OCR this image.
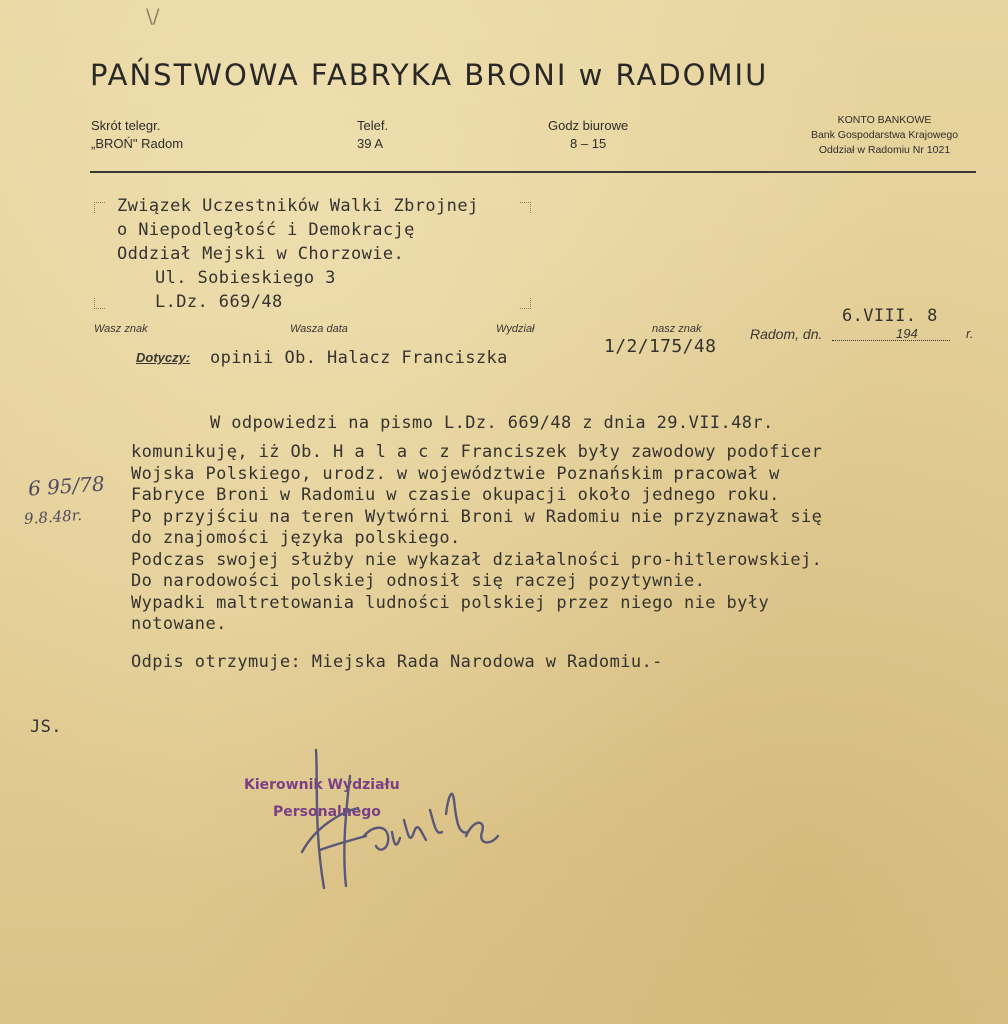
\/
PAŃSTWOWA FABRYKA BRONI w RADOMIU
Skrót telegr.
„BROŃ" Radom
Telef.
39 A
Godz biurowe
8 – 15
KONTO BANKOWE
Bank Gospodarstwa Krajowego
Oddział w Radomiu Nr 1021
Związek Uczestników Walki Zbrojnej
o Niepodległość i Demokrację
Oddział Mejski w Chorzowie.
Ul. Sobieskiego 3
L.Dz. 669/48
Wasz znak	Wasza data	Wydział	nasz znak	Radom, dn.
6.VIII. 8
194	r.
Dotyczy: opinii Ob. Halacz Franciszka
1/2/175/48
W odpowiedzi na pismo L.Dz. 669/48 z dnia 29.VII.48r.
komunikuję, iż Ob. H a l a c z Franciszek były zawodowy podoficer
Wojska Polskiego, urodz. w województwie Poznańskim pracował w
Fabryce Broni w Radomiu w czasie okupacji około jednego roku.
Po przyjściu na teren Wytwórni Broni w Radomiu nie przyznawał się
do znajomości języka polskiego.
Podczas swojej służby nie wykazał działalności pro-hitlerowskiej.
Do narodowości polskiej odnosił się raczej pozytywnie.
Wypadki maltretowania ludności polskiej przez niego nie były
notowane.
Odpis otrzymuje: Miejska Rada Narodowa w Radomiu.-
6 95/78
9.8.48r.
JS.
Kierownik Wydziału
Personalnego
